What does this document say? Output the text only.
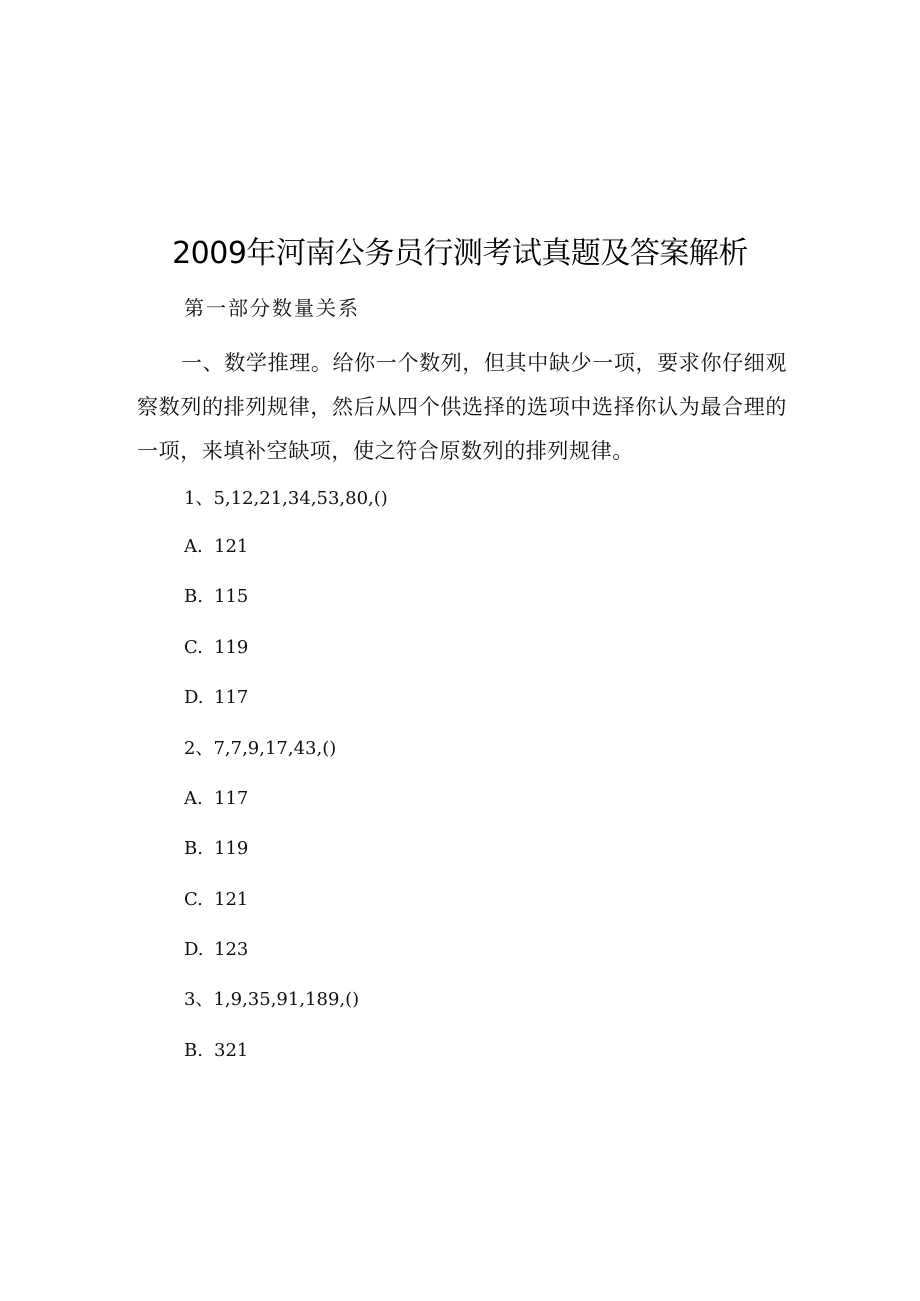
2009年河南公务员行测考试真题及答案解析
第一部分数量关系

一、数学推理。给你一个数列，但其中缺少一项，要求你仔细观察数列的排列规律，然后从四个供选择的选项中选择你认为最合理的一项，来填补空缺项，使之符合原数列的排列规律。

1、5,12,21,34,53,80,()
A. 121
B. 115
C. 119
D. 117
2、7,7,9,17,43,()
A. 117
B. 119
C. 121
D. 123
3、1,9,35,91,189,()
B. 321
